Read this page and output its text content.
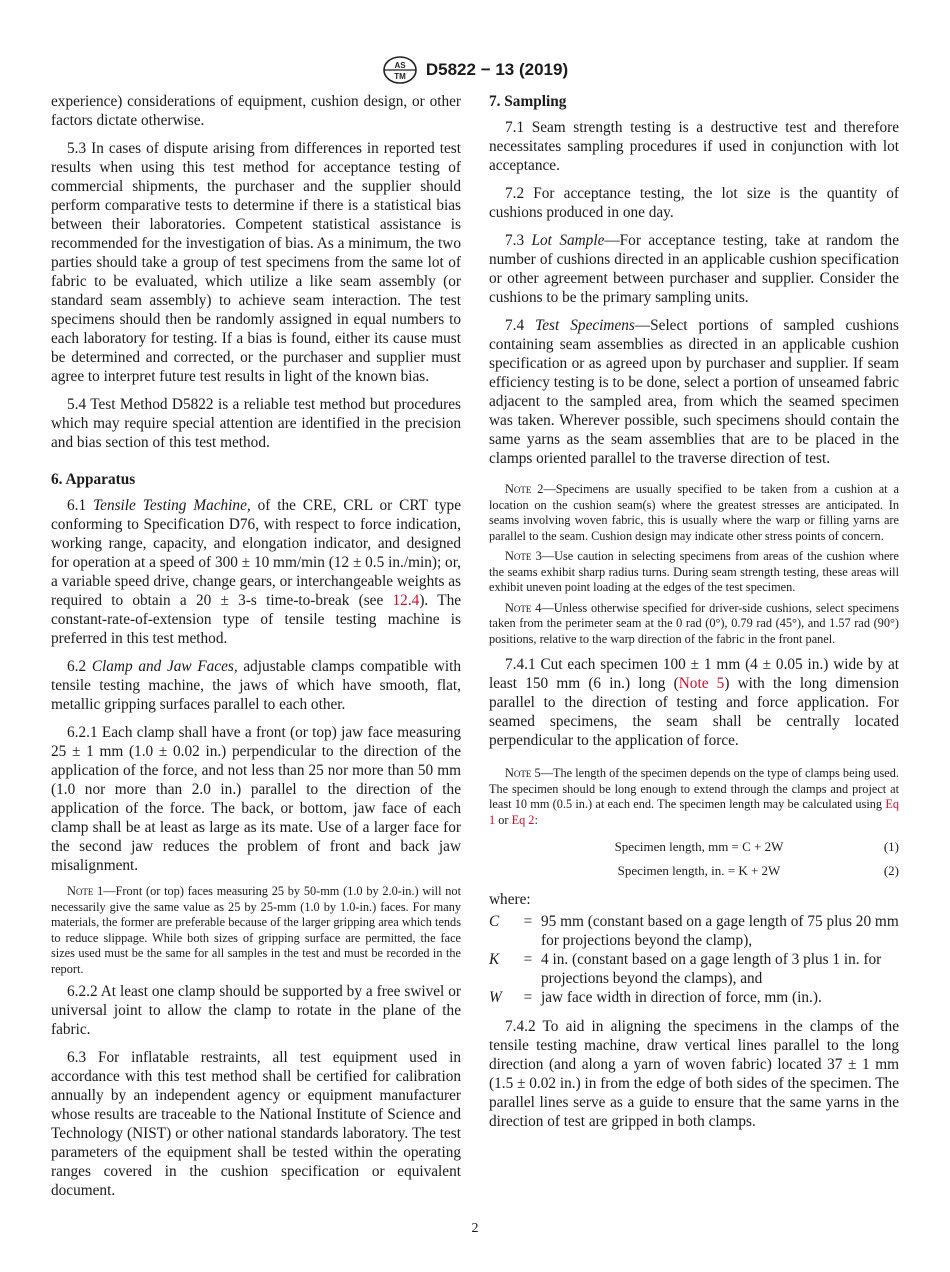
AS
TM D5822 − 13 (2019)

experience) considerations of equipment, cushion design, or other factors dictate otherwise.

5.3 In cases of dispute arising from differences in reported test results when using this test method for acceptance testing of commercial shipments, the purchaser and the supplier should perform comparative tests to determine if there is a statistical bias between their laboratories. Competent statistical assistance is recommended for the investigation of bias. As a minimum, the two parties should take a group of test specimens from the same lot of fabric to be evaluated, which utilize a like seam assembly (or standard seam assembly) to achieve seam interaction. The test specimens should then be randomly assigned in equal numbers to each laboratory for testing. If a bias is found, either its cause must be determined and corrected, or the purchaser and supplier must agree to interpret future test results in light of the known bias.

5.4 Test Method D5822 is a reliable test method but procedures which may require special attention are identified in the precision and bias section of this test method.

6. Apparatus

6.1 Tensile Testing Machine, of the CRE, CRL or CRT type conforming to Specification D76, with respect to force indication, working range, capacity, and elongation indicator, and designed for operation at a speed of 300 ± 10 mm/min (12 ± 0.5 in./min); or, a variable speed drive, change gears, or interchangeable weights as required to obtain a 20 ± 3-s time-to-break (see 12.4). The constant-rate-of-extension type of tensile testing machine is preferred in this test method.

6.2 Clamp and Jaw Faces, adjustable clamps compatible with tensile testing machine, the jaws of which have smooth, flat, metallic gripping surfaces parallel to each other.

6.2.1 Each clamp shall have a front (or top) jaw face measuring 25 ± 1 mm (1.0 ± 0.02 in.) perpendicular to the direction of the application of the force, and not less than 25 nor more than 50 mm (1.0 nor more than 2.0 in.) parallel to the direction of the application of the force. The back, or bottom, jaw face of each clamp shall be at least as large as its mate. Use of a larger face for the second jaw reduces the problem of front and back jaw misalignment.

Note 1—Front (or top) faces measuring 25 by 50-mm (1.0 by 2.0-in.) will not necessarily give the same value as 25 by 25-mm (1.0 by 1.0-in.) faces. For many materials, the former are preferable because of the larger gripping area which tends to reduce slippage. While both sizes of gripping surface are permitted, the face sizes used must be the same for all samples in the test and must be recorded in the report.

6.2.2 At least one clamp should be supported by a free swivel or universal joint to allow the clamp to rotate in the plane of the fabric.

6.3 For inflatable restraints, all test equipment used in accordance with this test method shall be certified for calibration annually by an independent agency or equipment manufacturer whose results are traceable to the National Institute of Science and Technology (NIST) or other national standards laboratory. The test parameters of the equipment shall be tested within the operating ranges covered in the cushion specification or equivalent document.

7. Sampling

7.1 Seam strength testing is a destructive test and therefore necessitates sampling procedures if used in conjunction with lot acceptance.

7.2 For acceptance testing, the lot size is the quantity of cushions produced in one day.

7.3 Lot Sample—For acceptance testing, take at random the number of cushions directed in an applicable cushion specification or other agreement between purchaser and supplier. Consider the cushions to be the primary sampling units.

7.4 Test Specimens—Select portions of sampled cushions containing seam assemblies as directed in an applicable cushion specification or as agreed upon by purchaser and supplier. If seam efficiency testing is to be done, select a portion of unseamed fabric adjacent to the sampled area, from which the seamed specimen was taken. Wherever possible, such specimens should contain the same yarns as the seam assemblies that are to be placed in the clamps oriented parallel to the traverse direction of test.

Note 2—Specimens are usually specified to be taken from a cushion at a location on the cushion seam(s) where the greatest stresses are anticipated. In seams involving woven fabric, this is usually where the warp or filling yarns are parallel to the seam. Cushion design may indicate other stress points of concern.

Note 3—Use caution in selecting specimens from areas of the cushion where the seams exhibit sharp radius turns. During seam strength testing, these areas will exhibit uneven point loading at the edges of the test specimen.

Note 4—Unless otherwise specified for driver-side cushions, select specimens taken from the perimeter seam at the 0 rad (0°), 0.79 rad (45°), and 1.57 rad (90°) positions, relative to the warp direction of the fabric in the front panel.

7.4.1 Cut each specimen 100 ± 1 mm (4 ± 0.05 in.) wide by at least 150 mm (6 in.) long (Note 5) with the long dimension parallel to the direction of testing and force application. For seamed specimens, the seam shall be centrally located perpendicular to the application of force.

Note 5—The length of the specimen depends on the type of clamps being used. The specimen should be long enough to extend through the clamps and project at least 10 mm (0.5 in.) at each end. The specimen length may be calculated using Eq 1 or Eq 2:

Specimen length, mm = C + 2W	(1)
Specimen length, in. = K + 2W	(2)
where:
C	= 95 mm (constant based on a gage length of 75 plus 20 mm for projections beyond the clamp),
K	= 4 in. (constant based on a gage length of 3 plus 1 in. for projections beyond the clamps), and
W	= jaw face width in direction of force, mm (in.).

7.4.2 To aid in aligning the specimens in the clamps of the tensile testing machine, draw vertical lines parallel to the long direction (and along a yarn of woven fabric) located 37 ± 1 mm (1.5 ± 0.02 in.) in from the edge of both sides of the specimen. The parallel lines serve as a guide to ensure that the same yarns in the direction of test are gripped in both clamps.

2
